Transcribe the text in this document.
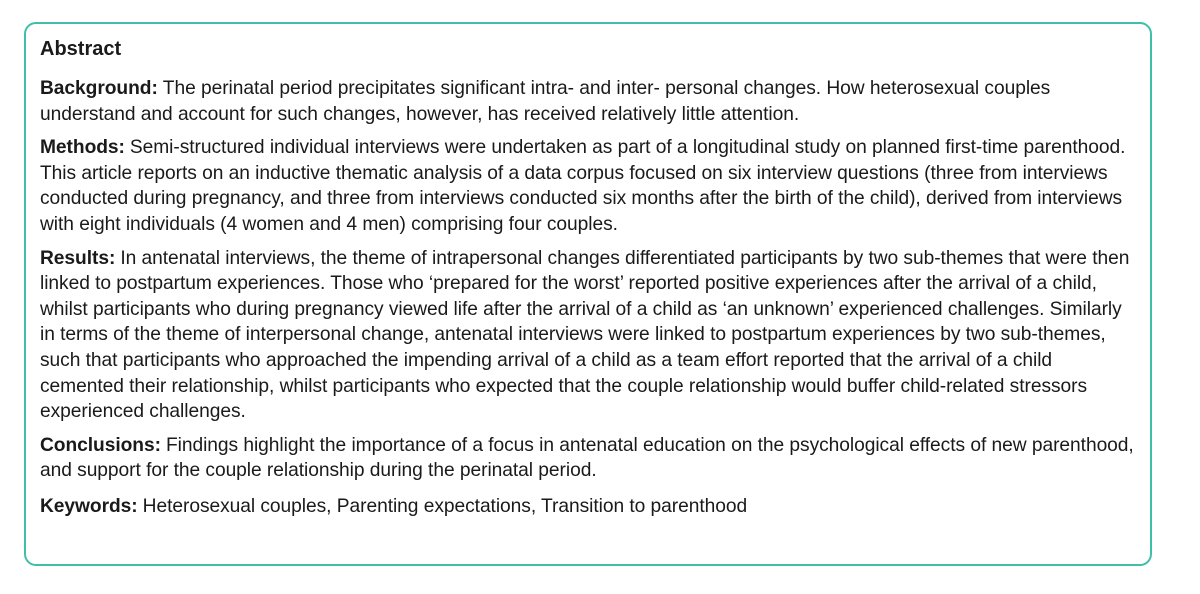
Abstract

Background: The perinatal period precipitates significant intra- and inter- personal changes. How heterosexual couples understand and account for such changes, however, has received relatively little attention.

Methods: Semi-structured individual interviews were undertaken as part of a longitudinal study on planned first-time parenthood. This article reports on an inductive thematic analysis of a data corpus focused on six interview questions (three from interviews conducted during pregnancy, and three from interviews conducted six months after the birth of the child), derived from interviews with eight individuals (4 women and 4 men) comprising four couples.

Results: In antenatal interviews, the theme of intrapersonal changes differentiated participants by two sub-themes that were then linked to postpartum experiences. Those who ‘prepared for the worst’ reported positive experiences after the arrival of a child, whilst participants who during pregnancy viewed life after the arrival of a child as ‘an unknown’ experienced challenges. Similarly in terms of the theme of interpersonal change, antenatal interviews were linked to postpartum experiences by two sub-themes, such that participants who approached the impending arrival of a child as a team effort reported that the arrival of a child cemented their relationship, whilst participants who expected that the couple relationship would buffer child-related stressors experienced challenges.

Conclusions: Findings highlight the importance of a focus in antenatal education on the psychological effects of new parenthood, and support for the couple relationship during the perinatal period.

Keywords: Heterosexual couples, Parenting expectations, Transition to parenthood
